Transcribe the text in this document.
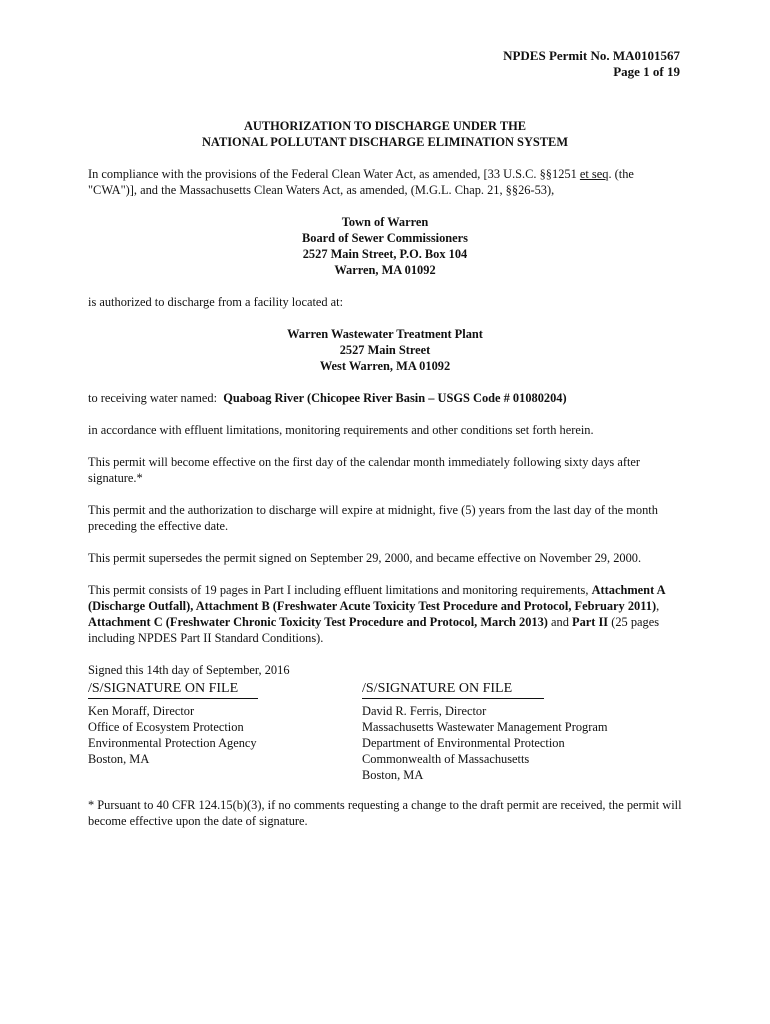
NPDES Permit No. MA0101567
Page 1 of 19
AUTHORIZATION TO DISCHARGE UNDER THE
NATIONAL POLLUTANT DISCHARGE ELIMINATION SYSTEM

In compliance with the provisions of the Federal Clean Water Act, as amended, [33 U.S.C. §§1251 et seq. (the "CWA")], and the Massachusetts Clean Waters Act, as amended, (M.G.L. Chap. 21, §§26-53),

Town of Warren
Board of Sewer Commissioners
2527 Main Street, P.O. Box 104
Warren, MA 01092

is authorized to discharge from a facility located at:

Warren Wastewater Treatment Plant
2527 Main Street
West Warren, MA 01092

to receiving water named:  Quaboag River (Chicopee River Basin – USGS Code # 01080204)

in accordance with effluent limitations, monitoring requirements and other conditions set forth herein.

This permit will become effective on the first day of the calendar month immediately following sixty days after signature.*

This permit and the authorization to discharge will expire at midnight, five (5) years from the last day of the month preceding the effective date.

This permit supersedes the permit signed on September 29, 2000, and became effective on November 29, 2000.

This permit consists of 19 pages in Part I including effluent limitations and monitoring requirements, Attachment A (Discharge Outfall), Attachment B (Freshwater Acute Toxicity Test Procedure and Protocol, February 2011), Attachment C (Freshwater Chronic Toxicity Test Procedure and Protocol, March 2013) and Part II (25 pages including NPDES Part II Standard Conditions).

Signed this 14th day of September, 2016

/S/SIGNATURE ON FILE
Ken Moraff, Director
Office of Ecosystem Protection
Environmental Protection Agency
Boston, MA
/S/SIGNATURE ON FILE
David R. Ferris, Director
Massachusetts Wastewater Management Program
Department of Environmental Protection
Commonwealth of Massachusetts
Boston, MA

* Pursuant to 40 CFR 124.15(b)(3), if no comments requesting a change to the draft permit are received, the permit will become effective upon the date of signature.
